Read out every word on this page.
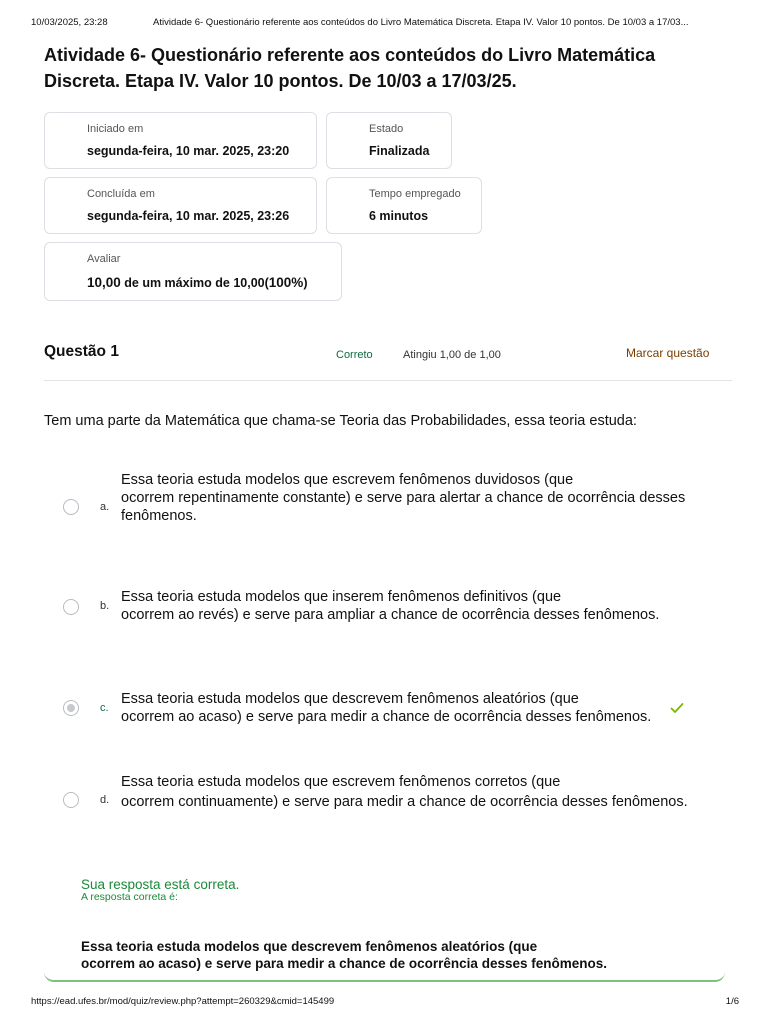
10/03/2025, 23:28	Atividade 6- Questionário referente aos conteúdos do Livro Matemática Discreta. Etapa IV. Valor 10 pontos. De 10/03 a 17/03...
Atividade 6- Questionário referente aos conteúdos do Livro Matemática Discreta. Etapa IV. Valor 10 pontos. De 10/03 a 17/03/25.
Iniciado em
segunda-feira, 10 mar. 2025, 23:20
Estado
Finalizada
Concluída em
segunda-feira, 10 mar. 2025, 23:26
Tempo empregado
6 minutos
Avaliar
10,00 de um máximo de 10,00(100%)
Questão 1	Correto	Atingiu 1,00 de 1,00	Marcar questão
Tem uma parte da Matemática que chama-se Teoria das Probabilidades, essa teoria estuda:
a.
Essa teoria estuda modelos que escrevem fenômenos duvidosos (que
ocorrem repentinamente constante) e serve para alertar a chance de ocorrência desses
fenômenos.
b.
Essa teoria estuda modelos que inserem fenômenos definitivos (que
ocorrem ao revés) e serve para ampliar a chance de ocorrência desses fenômenos.
c.
Essa teoria estuda modelos que descrevem fenômenos aleatórios (que
ocorrem ao acaso) e serve para medir a chance de ocorrência desses fenômenos.
d.
Essa teoria estuda modelos que escrevem fenômenos corretos (que
ocorrem continuamente) e serve para medir a chance de ocorrência desses fenômenos.
Sua resposta está correta.
A resposta correta é:
Essa teoria estuda modelos que descrevem fenômenos aleatórios (que
ocorrem ao acaso) e serve para medir a chance de ocorrência desses fenômenos.
https://ead.ufes.br/mod/quiz/review.php?attempt=260329&cmid=145499	1/6
